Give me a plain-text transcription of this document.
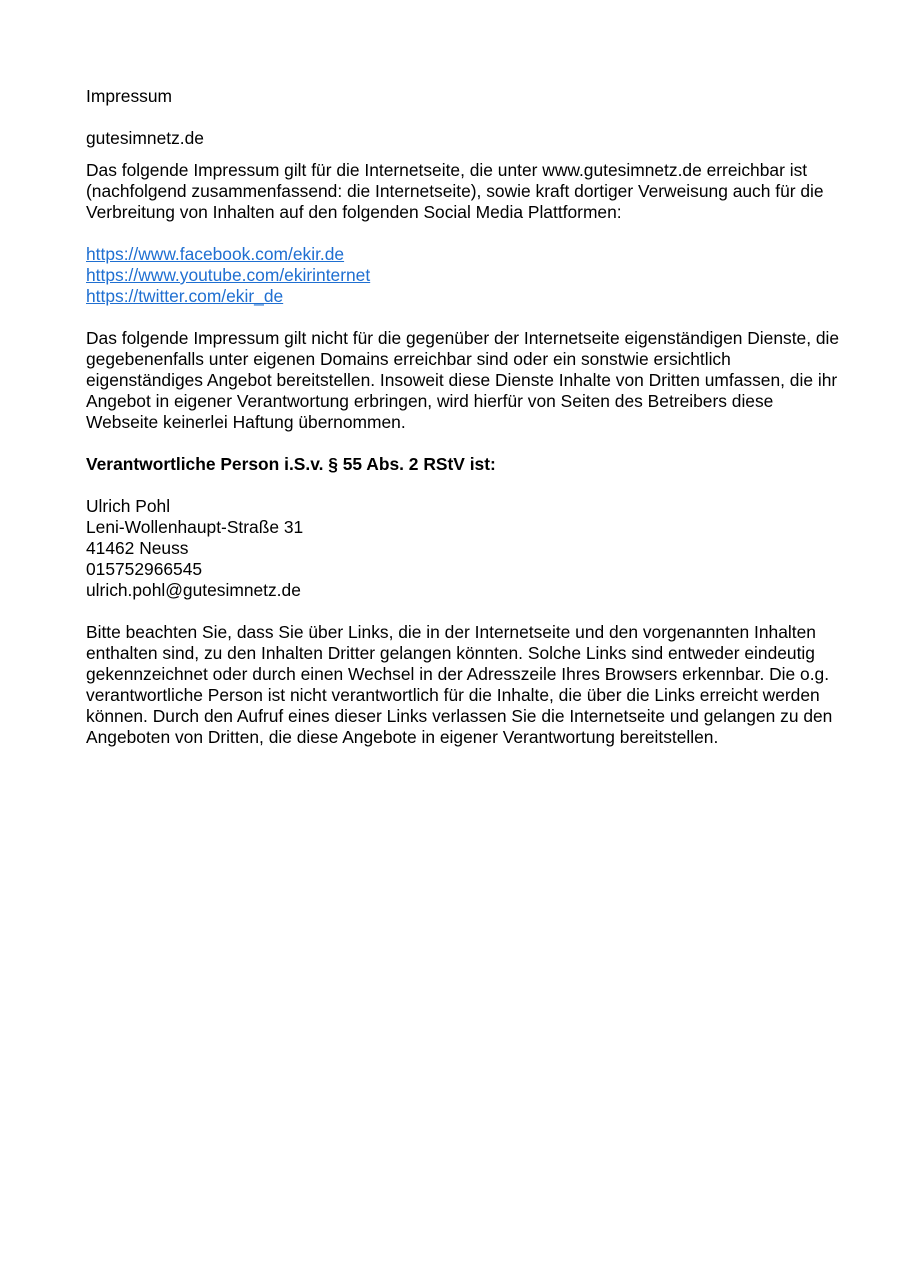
Impressum

gutesimnetz.de

Das folgende Impressum gilt für die Internetseite, die unter www.gutesimnetz.de erreichbar ist (nachfolgend zusammenfassend: die Internetseite), sowie kraft dortiger Verweisung auch für die Verbreitung von Inhalten auf den folgenden Social Media Plattformen:

https://www.facebook.com/ekir.de
https://www.youtube.com/ekirinternet
https://twitter.com/ekir_de

Das folgende Impressum gilt nicht für die gegenüber der Internetseite eigenständigen Dienste, die gegebenenfalls unter eigenen Domains erreichbar sind oder ein sonstwie ersichtlich eigenständiges Angebot bereitstellen. Insoweit diese Dienste Inhalte von Dritten umfassen, die ihr Angebot in eigener Verantwortung erbringen, wird hierfür von Seiten des Betreibers diese Webseite keinerlei Haftung übernommen.

Verantwortliche Person i.S.v. § 55 Abs. 2 RStV ist:

Ulrich Pohl
Leni-Wollenhaupt-Straße 31
41462 Neuss
015752966545
ulrich.pohl@gutesimnetz.de

Bitte beachten Sie, dass Sie über Links, die in der Internetseite und den vorgenannten Inhalten enthalten sind, zu den Inhalten Dritter gelangen könnten. Solche Links sind entweder eindeutig gekennzeichnet oder durch einen Wechsel in der Adresszeile Ihres Browsers erkennbar. Die o.g. verantwortliche Person ist nicht verantwortlich für die Inhalte, die über die Links erreicht werden können. Durch den Aufruf eines dieser Links verlassen Sie die Internetseite und gelangen zu den Angeboten von Dritten, die diese Angebote in eigener Verantwortung bereitstellen.
